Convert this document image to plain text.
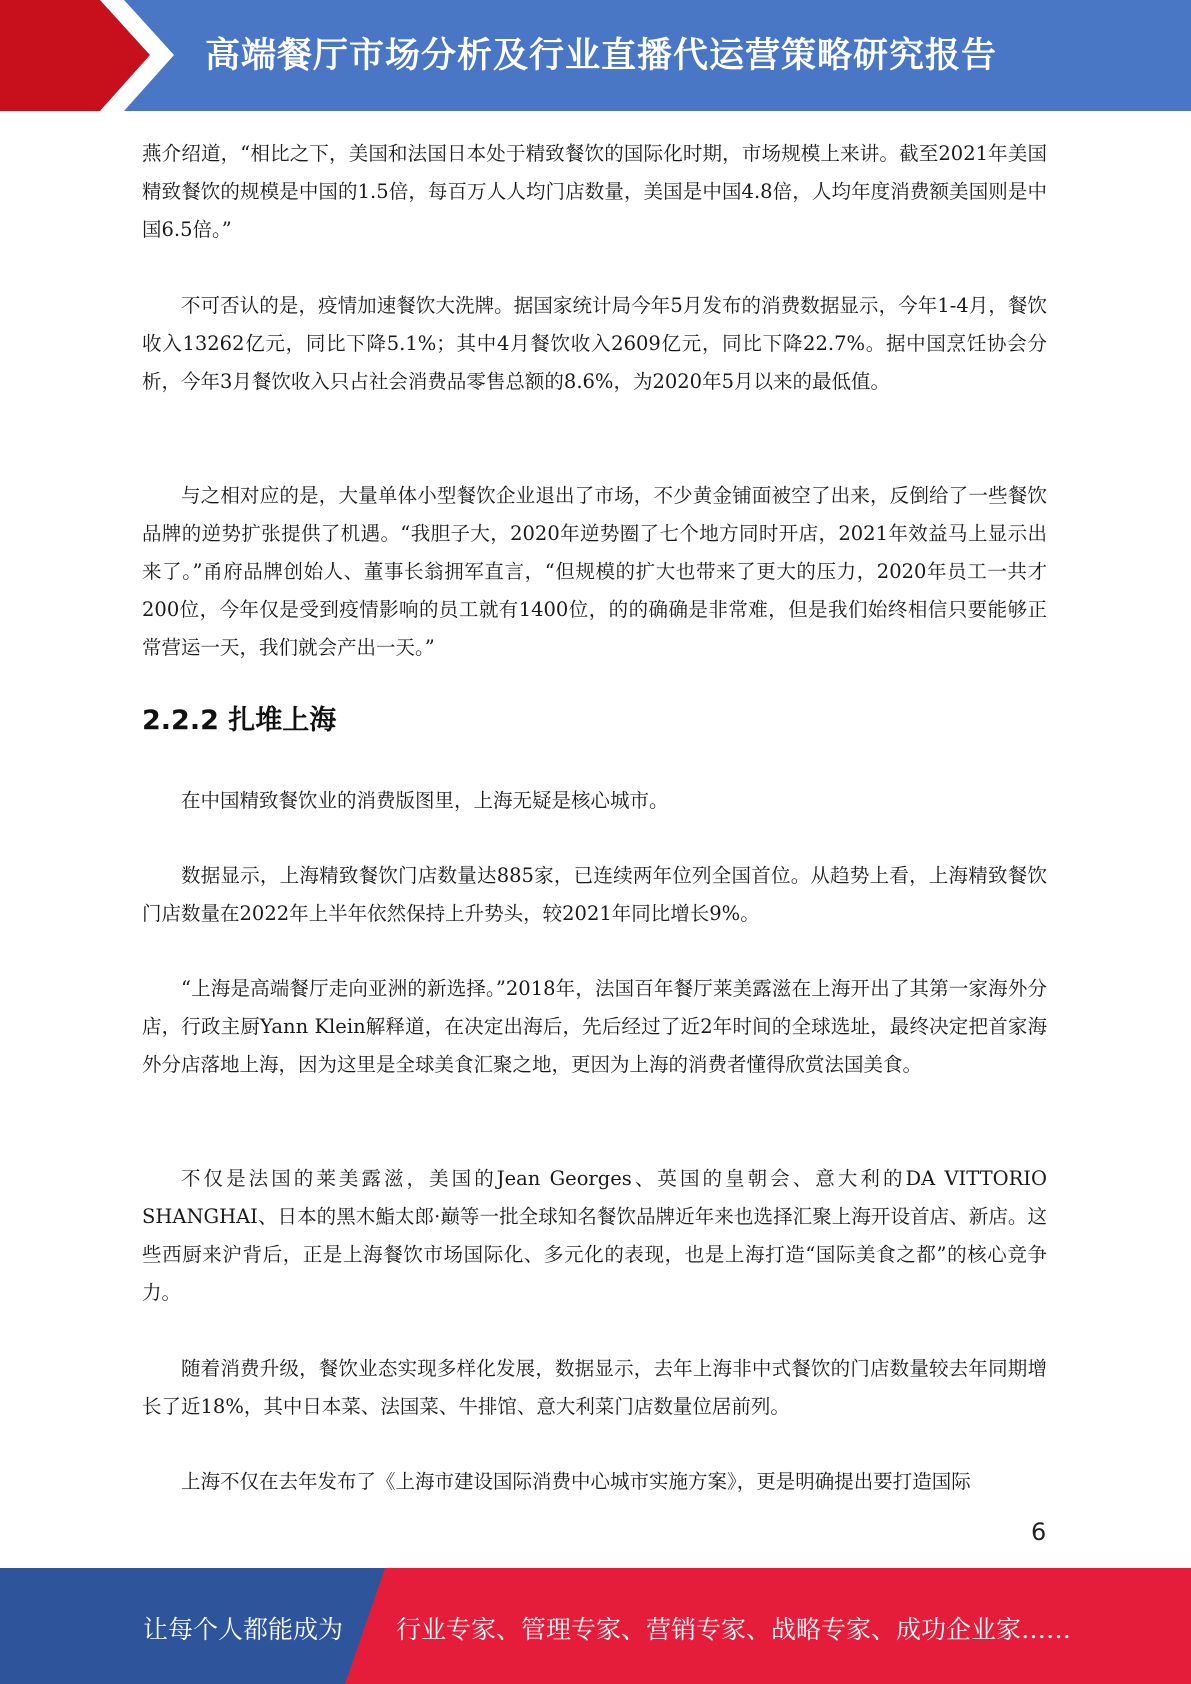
高端餐厅市场分析及行业直播代运营策略研究报告

燕介绍道，“相比之下，美国和法国日本处于精致餐饮的国际化时期，市场规模上来讲。截至2021年美国精致餐饮的规模是中国的1.5倍，每百万人人均门店数量，美国是中国4.8倍，人均年度消费额美国则是中国6.5倍。”

不可否认的是，疫情加速餐饮大洗牌。据国家统计局今年5月发布的消费数据显示，今年1-4月，餐饮收入13262亿元，同比下降5.1%；其中4月餐饮收入2609亿元，同比下降22.7%。据中国烹饪协会分析，今年3月餐饮收入只占社会消费品零售总额的8.6%，为2020年5月以来的最低值。

与之相对应的是，大量单体小型餐饮企业退出了市场，不少黄金铺面被空了出来，反倒给了一些餐饮品牌的逆势扩张提供了机遇。“我胆子大，2020年逆势圈了七个地方同时开店，2021年效益马上显示出来了。”甬府品牌创始人、董事长翁拥军直言，“但规模的扩大也带来了更大的压力，2020年员工一共才200位，今年仅是受到疫情影响的员工就有1400位，的的确确是非常难，但是我们始终相信只要能够正常营运一天，我们就会产出一天。”

2.2.2 扎堆上海

在中国精致餐饮业的消费版图里，上海无疑是核心城市。

数据显示，上海精致餐饮门店数量达885家，已连续两年位列全国首位。从趋势上看，上海精致餐饮门店数量在2022年上半年依然保持上升势头，较2021年同比增长9%。

“上海是高端餐厅走向亚洲的新选择。”2018年，法国百年餐厅莱美露滋在上海开出了其第一家海外分店，行政主厨Yann Klein解释道，在决定出海后，先后经过了近2年时间的全球选址，最终决定把首家海外分店落地上海，因为这里是全球美食汇聚之地，更因为上海的消费者懂得欣赏法国美食。

不仅是法国的莱美露滋，美国的Jean Georges、英国的皇朝会、意大利的DA VITTORIO SHANGHAI、日本的黑木鮨太郎·巅等一批全球知名餐饮品牌近年来也选择汇聚上海开设首店、新店。这些西厨来沪背后，正是上海餐饮市场国际化、多元化的表现，也是上海打造“国际美食之都”的核心竞争力。

随着消费升级，餐饮业态实现多样化发展，数据显示，去年上海非中式餐饮的门店数量较去年同期增长了近18%，其中日本菜、法国菜、牛排馆、意大利菜门店数量位居前列。

上海不仅在去年发布了《上海市建设国际消费中心城市实施方案》，更是明确提出要打造国际

6
让每个人都能成为 行业专家、管理专家、营销专家、战略专家、成功企业家……
